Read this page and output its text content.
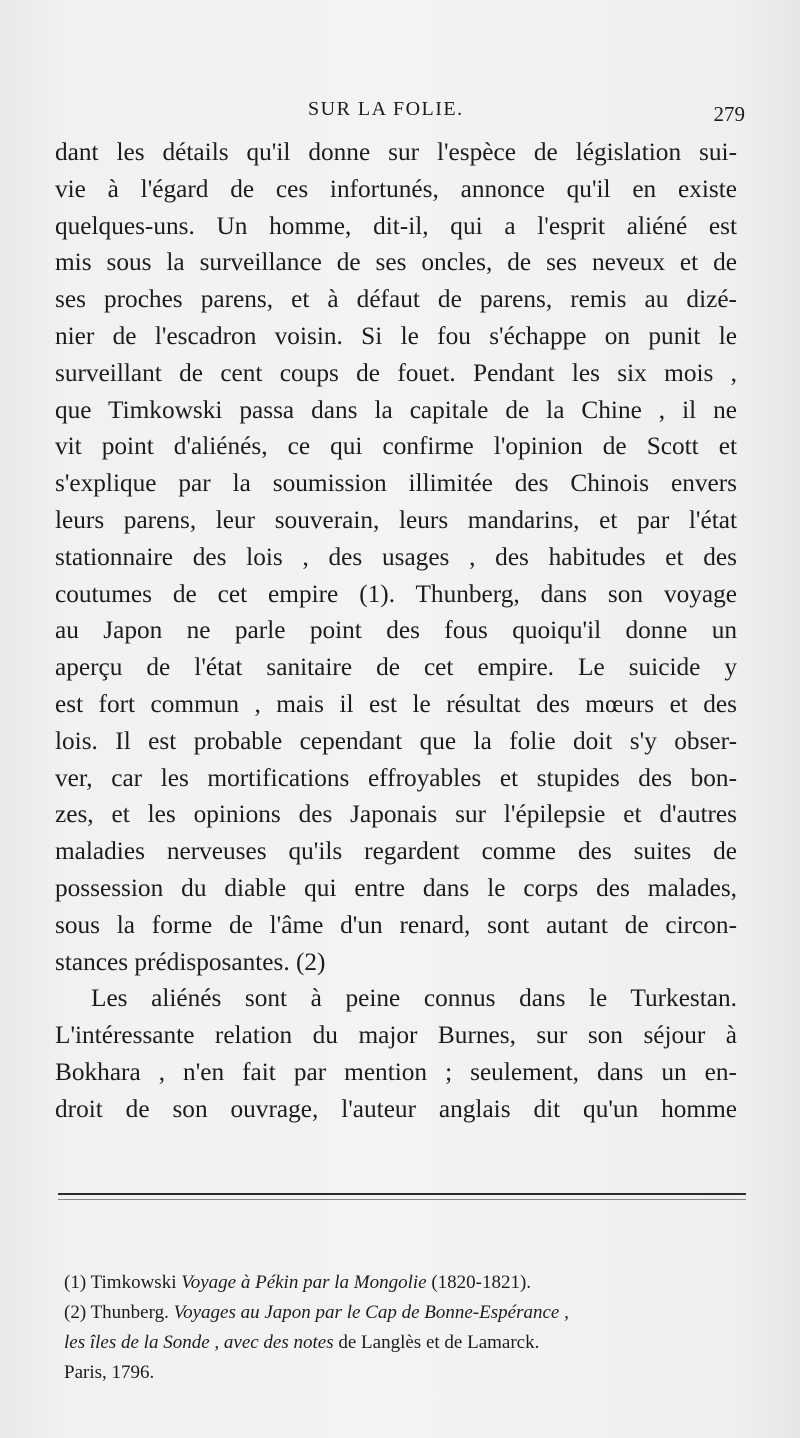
SUR LA FOLIE.	279
dant les détails qu'il donne sur l'espèce de législation sui-
vie à l'égard de ces infortunés, annonce qu'il en existe
quelques-uns. Un homme, dit-il, qui a l'esprit aliéné est
mis sous la surveillance de ses oncles, de ses neveux et de
ses proches parens, et à défaut de parens, remis au dizé-
nier de l'escadron voisin. Si le fou s'échappe on punit le
surveillant de cent coups de fouet. Pendant les six mois ,
que Timkowski passa dans la capitale de la Chine , il ne
vit point d'aliénés, ce qui confirme l'opinion de Scott et
s'explique par la soumission illimitée des Chinois envers
leurs parens, leur souverain, leurs mandarins, et par l'état
stationnaire des lois , des usages , des habitudes et des
coutumes de cet empire (1). Thunberg, dans son voyage
au Japon ne parle point des fous quoiqu'il donne un
aperçu de l'état sanitaire de cet empire. Le suicide y
est fort commun , mais il est le résultat des mœurs et des
lois. Il est probable cependant que la folie doit s'y obser-
ver, car les mortifications effroyables et stupides des bon-
zes, et les opinions des Japonais sur l'épilepsie et d'autres
maladies nerveuses qu'ils regardent comme des suites de
possession du diable qui entre dans le corps des malades,
sous la forme de l'âme d'un renard, sont autant de circon-
stances prédisposantes. (2)
Les aliénés sont à peine connus dans le Turkestan.
L'intéressante relation du major Burnes, sur son séjour à
Bokhara , n'en fait par mention ; seulement, dans un en-
droit de son ouvrage, l'auteur anglais dit qu'un homme
(1) Timkowski Voyage à Pékin par la Mongolie (1820-1821).
(2) Thunberg. Voyages au Japon par le Cap de Bonne-Espérance ,
les îles de la Sonde , avec des notes de Langlès et de Lamarck.
Paris, 1796.
